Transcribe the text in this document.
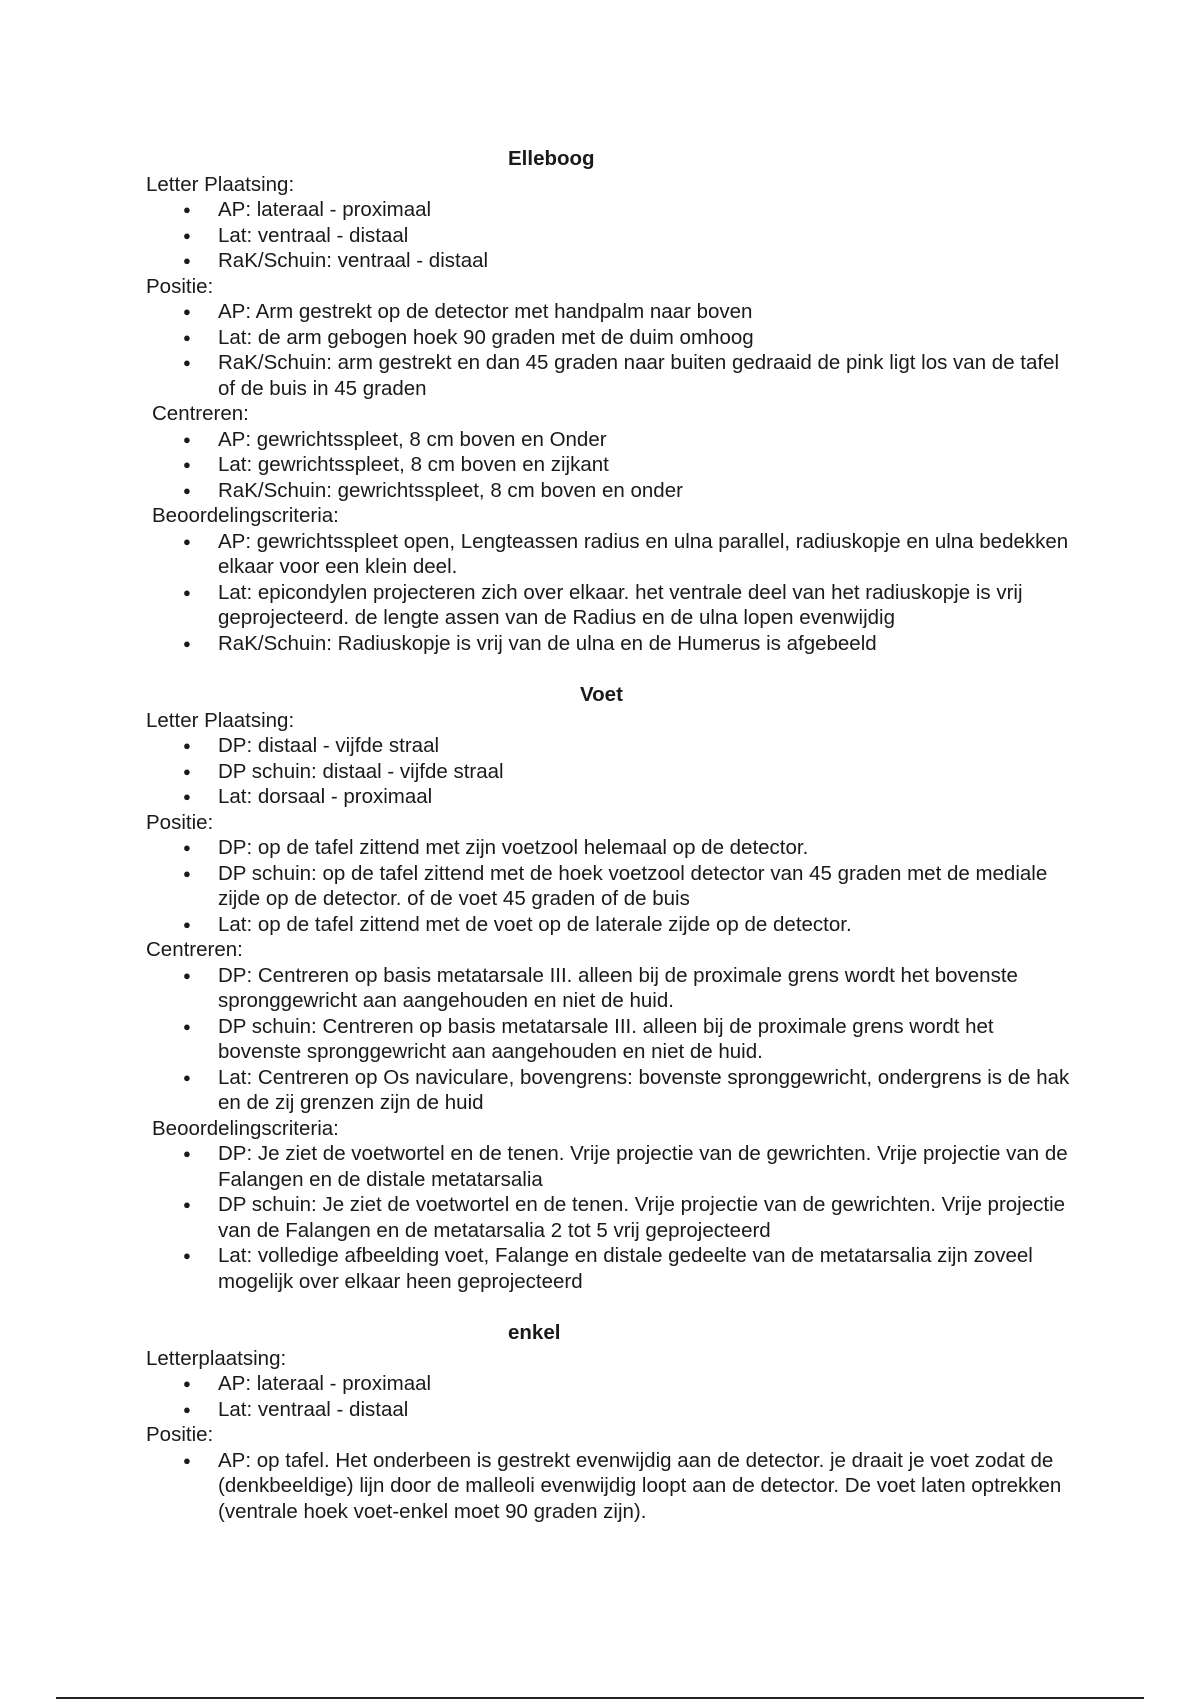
Elleboog
Letter Plaatsing:
● AP: lateraal - proximaal
● Lat: ventraal - distaal
● RaK/Schuin: ventraal - distaal
Positie:
● AP: Arm gestrekt op de detector met handpalm naar boven
● Lat: de arm gebogen hoek 90 graden met de duim omhoog
● RaK/Schuin: arm gestrekt en dan 45 graden naar buiten gedraaid de pink ligt los van de tafel of de buis in 45 graden
Centreren:
● AP: gewrichtsspleet, 8 cm boven en Onder
● Lat: gewrichtsspleet, 8 cm boven en zijkant
● RaK/Schuin: gewrichtsspleet, 8 cm boven en onder
Beoordelingscriteria:
● AP: gewrichtsspleet open, Lengteassen radius en ulna parallel, radiuskopje en ulna bedekken elkaar voor een klein deel.
● Lat: epicondylen projecteren zich over elkaar. het ventrale deel van het radiuskopje is vrij geprojecteerd. de lengte assen van de Radius en de ulna lopen evenwijdig
● RaK/Schuin: Radiuskopje is vrij van de ulna en de Humerus is afgebeeld
Voet
Letter Plaatsing:
● DP: distaal - vijfde straal
● DP schuin: distaal - vijfde straal
● Lat: dorsaal - proximaal
Positie:
● DP: op de tafel zittend met zijn voetzool helemaal op de detector.
● DP schuin: op de tafel zittend met de hoek voetzool detector van 45 graden met de mediale zijde op de detector. of de voet 45 graden of de buis
● Lat: op de tafel zittend met de voet op de laterale zijde op de detector.
Centreren:
● DP: Centreren op basis metatarsale III. alleen bij de proximale grens wordt het bovenste spronggewricht aan aangehouden en niet de huid.
● DP schuin: Centreren op basis metatarsale III. alleen bij de proximale grens wordt het bovenste spronggewricht aan aangehouden en niet de huid.
● Lat: Centreren op Os naviculare, bovengrens: bovenste spronggewricht, ondergrens is de hak en de zij grenzen zijn de huid
Beoordelingscriteria:
● DP: Je ziet de voetwortel en de tenen. Vrije projectie van de gewrichten. Vrije projectie van de Falangen en de distale metatarsalia
● DP schuin: Je ziet de voetwortel en de tenen. Vrije projectie van de gewrichten. Vrije projectie van de Falangen en de metatarsalia 2 tot 5 vrij geprojecteerd
● Lat: volledige afbeelding voet, Falange en distale gedeelte van de metatarsalia zijn zoveel mogelijk over elkaar heen geprojecteerd
enkel
Letterplaatsing:
● AP: lateraal - proximaal
● Lat: ventraal - distaal
Positie:
● AP: op tafel. Het onderbeen is gestrekt evenwijdig aan de detector. je draait je voet zodat de (denkbeeldige) lijn door de malleoli evenwijdig loopt aan de detector. De voet laten optrekken (ventrale hoek voet-enkel moet 90 graden zijn).
